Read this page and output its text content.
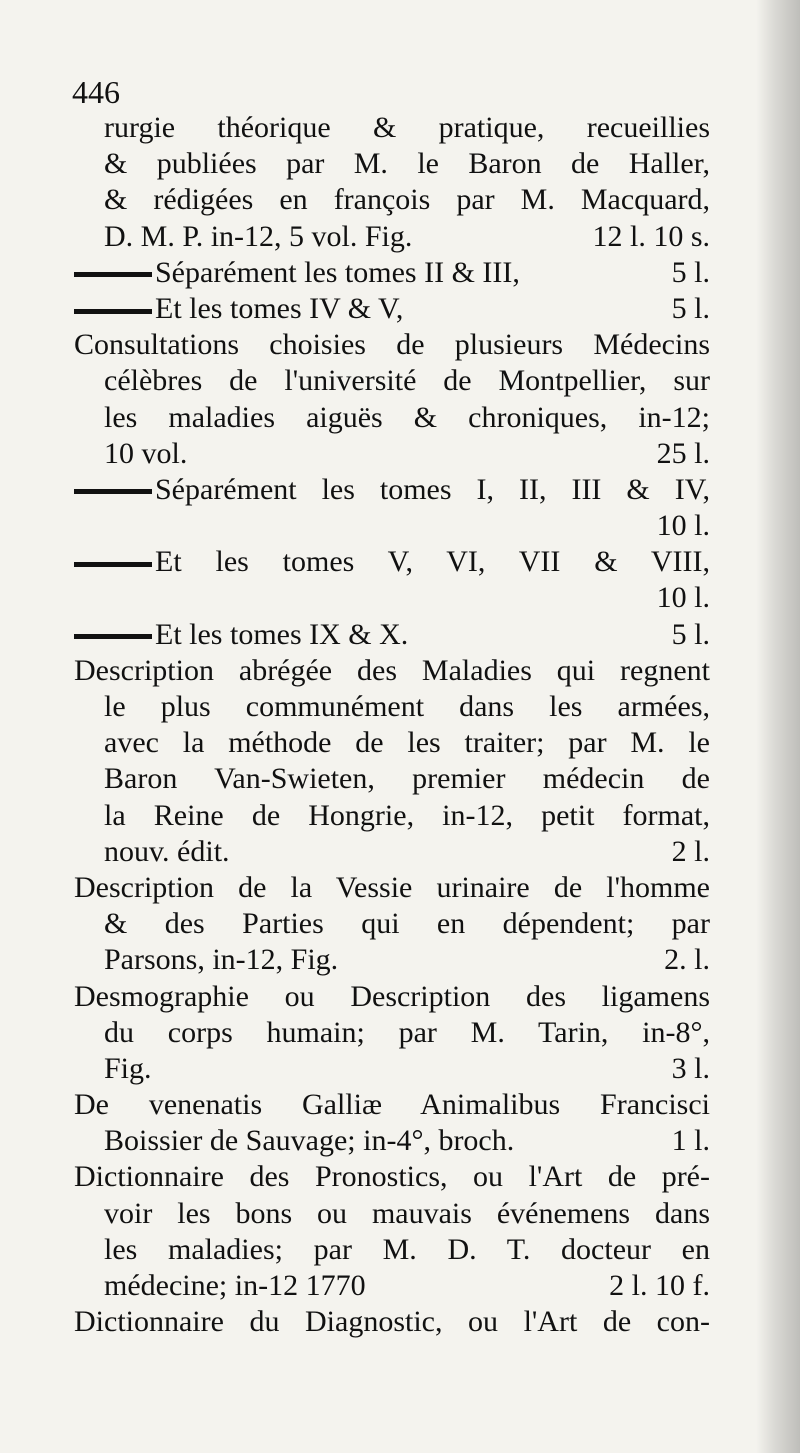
446
rurgie théorique & pratique, recueillies
& publiées par M. le Baron de Haller,
& rédigées en françois par M. Macquard,
D. M. P. in-12, 5 vol. Fig.	12 l. 10 s.
Séparément les tomes II & III,	5 l.
Et les tomes IV & V,	5 l.
Consultations choisies de plusieurs Médecins
célèbres de l'université de Montpellier, sur
les maladies aiguës & chroniques, in-12;
10 vol.	25 l.
Séparément les tomes I, II, III & IV,
10 l.
Et les tomes V, VI, VII & VIII,
10 l.
Et les tomes IX & X.	5 l.
Description abrégée des Maladies qui regnent
le plus communément dans les armées,
avec la méthode de les traiter; par M. le
Baron Van-Swieten, premier médecin de
la Reine de Hongrie, in-12, petit format,
nouv. édit.	2 l.
Description de la Vessie urinaire de l'homme
& des Parties qui en dépendent; par
Parsons, in-12, Fig.	2. l.
Desmographie ou Description des ligamens
du corps humain; par M. Tarin, in-8°,
Fig.	3 l.
De venenatis Galliæ Animalibus Francisci
Boissier de Sauvage; in-4°, broch.	1 l.
Dictionnaire des Pronostics, ou l'Art de pré-
voir les bons ou mauvais événemens dans
les maladies; par M. D. T. docteur en
médecine; in-12 1770	2 l. 10 f.
Dictionnaire du Diagnostic, ou l'Art de con-
